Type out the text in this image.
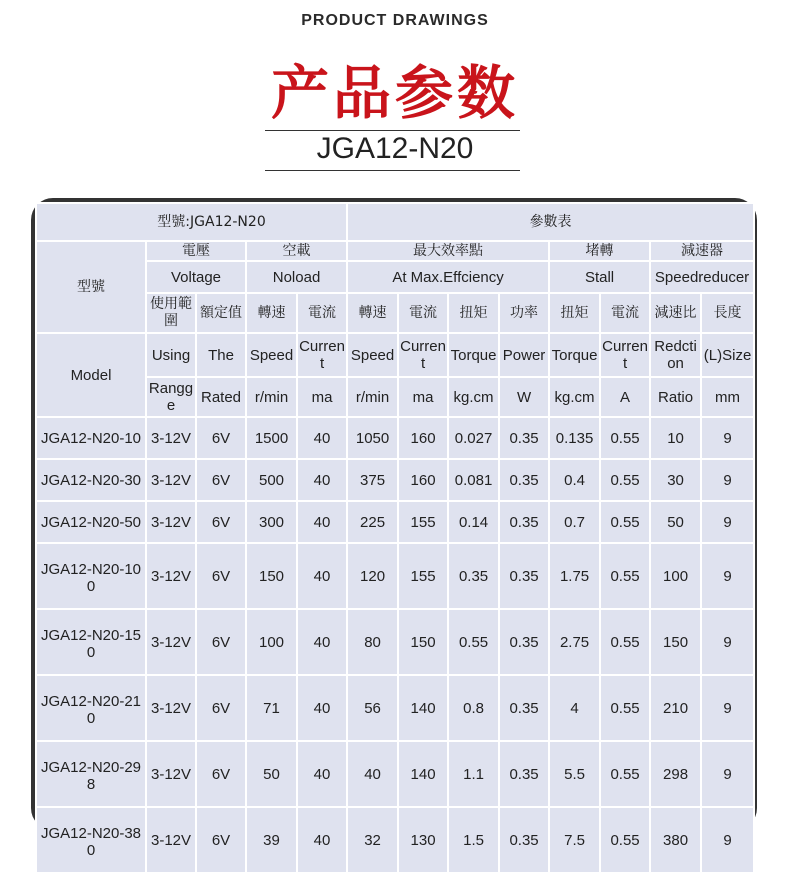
PRODUCT DRAWINGS
产品参数
JGA12-N20
型號:JGA12-N20					參數表							
型號	電壓		空載		最大效率點				堵轉		減速器	
	Voltage		Noload		At Max.Effciency				Stall		Speedreducer	
	使用範圍	額定值	轉速	電流	轉速	電流	扭矩	功率	扭矩	電流	減速比	長度
Model	Using	The	Speed	Current	Speed	Current	Torque	Power	Torque	Current	Redction	(L)Size
	Rangge	Rated	r/min	ma	r/min	ma	kg.cm	W	kg.cm	A	Ratio	mm
JGA12-N20-10	3-12V	6V	1500	40	1050	160	0.027	0.35	0.135	0.55	10	9
JGA12-N20-30	3-12V	6V	500	40	375	160	0.081	0.35	0.4	0.55	30	9
JGA12-N20-50	3-12V	6V	300	40	225	155	0.14	0.35	0.7	0.55	50	9
JGA12-N20-100	3-12V	6V	150	40	120	155	0.35	0.35	1.75	0.55	100	9
JGA12-N20-150	3-12V	6V	100	40	80	150	0.55	0.35	2.75	0.55	150	9
JGA12-N20-210	3-12V	6V	71	40	56	140	0.8	0.35	4	0.55	210	9
JGA12-N20-298	3-12V	6V	50	40	40	140	1.1	0.35	5.5	0.55	298	9
JGA12-N20-380	3-12V	6V	39	40	32	130	1.5	0.35	7.5	0.55	380	9
